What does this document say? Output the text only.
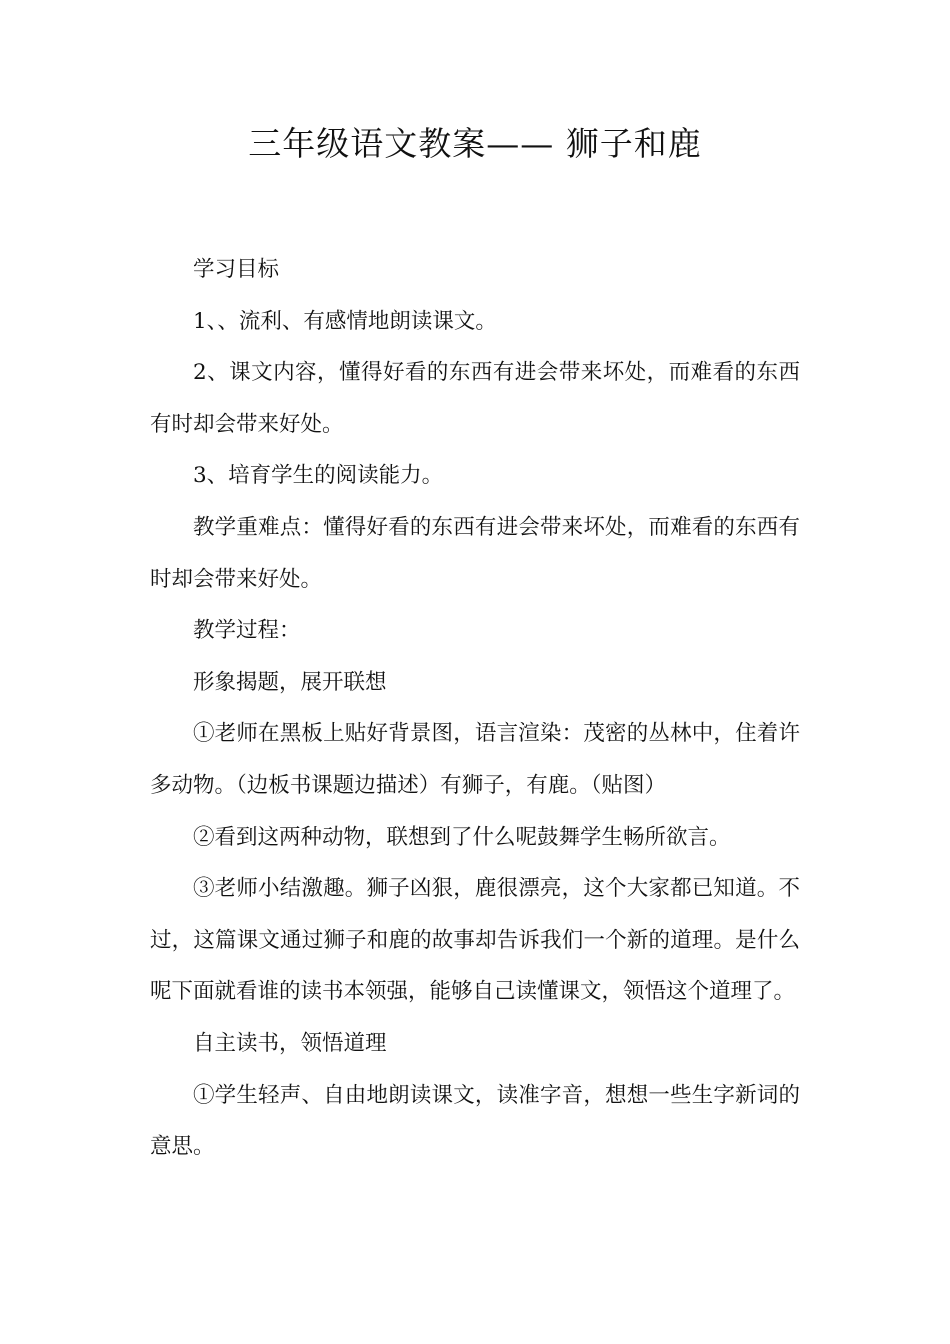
三年级语文教案—— 狮子和鹿

学习目标

1、、流利、有感情地朗读课文。

2、课文内容，懂得好看的东西有进会带来坏处，而难看的东西有时却会带来好处。

3、培育学生的阅读能力。

教学重难点：懂得好看的东西有进会带来坏处，而难看的东西有时却会带来好处。

教学过程：

形象揭题，展开联想

①老师在黑板上贴好背景图，语言渲染：茂密的丛林中，住着许多动物。（边板书课题边描述）有狮子，有鹿。（贴图）

②看到这两种动物，联想到了什么呢鼓舞学生畅所欲言。

③老师小结激趣。狮子凶狠，鹿很漂亮，这个大家都已知道。不过，这篇课文通过狮子和鹿的故事却告诉我们一个新的道理。是什么呢下面就看谁的读书本领强，能够自己读懂课文，领悟这个道理了。

自主读书，领悟道理

①学生轻声、自由地朗读课文，读准字音，想想一些生字新词的意思。
